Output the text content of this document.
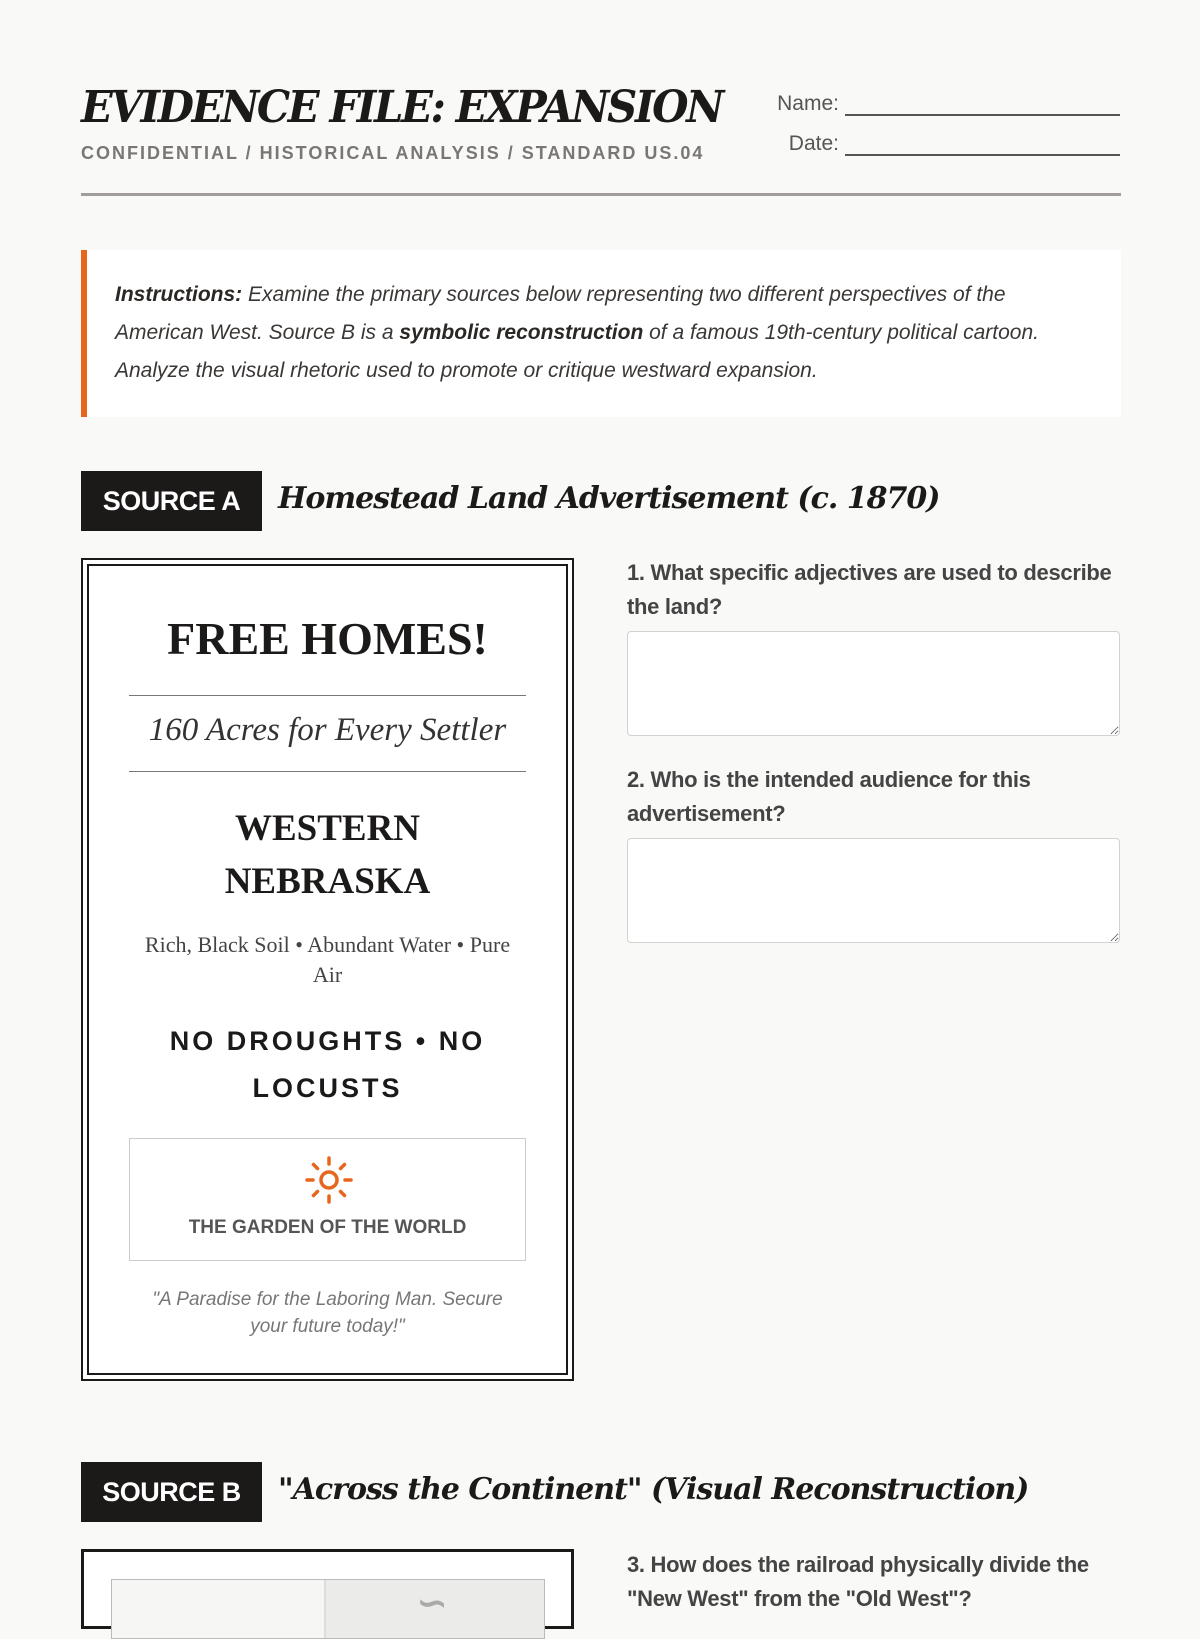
EVIDENCE FILE: EXPANSION
CONFIDENTIAL / HISTORICAL ANALYSIS / STANDARD US.04
Name:
Date:
Instructions: Examine the primary sources below representing two different perspectives of the American West. Source B is a symbolic reconstruction of a famous 19th-century political cartoon. Analyze the visual rhetoric used to promote or critique westward expansion.
SOURCE A	Homestead Land Advertisement (c. 1870)
FREE HOMES!
160 Acres for Every Settler
WESTERN NEBRASKA
Rich, Black Soil • Abundant Water • Pure Air
NO DROUGHTS • NO LOCUSTS
THE GARDEN OF THE WORLD
"A Paradise for the Laboring Man. Secure your future today!"
1. What specific adjectives are used to describe the land?
2. Who is the intended audience for this advertisement?
SOURCE B	"Across the Continent" (Visual Reconstruction)
∽
3. How does the railroad physically divide the "New West" from the "Old West"?
